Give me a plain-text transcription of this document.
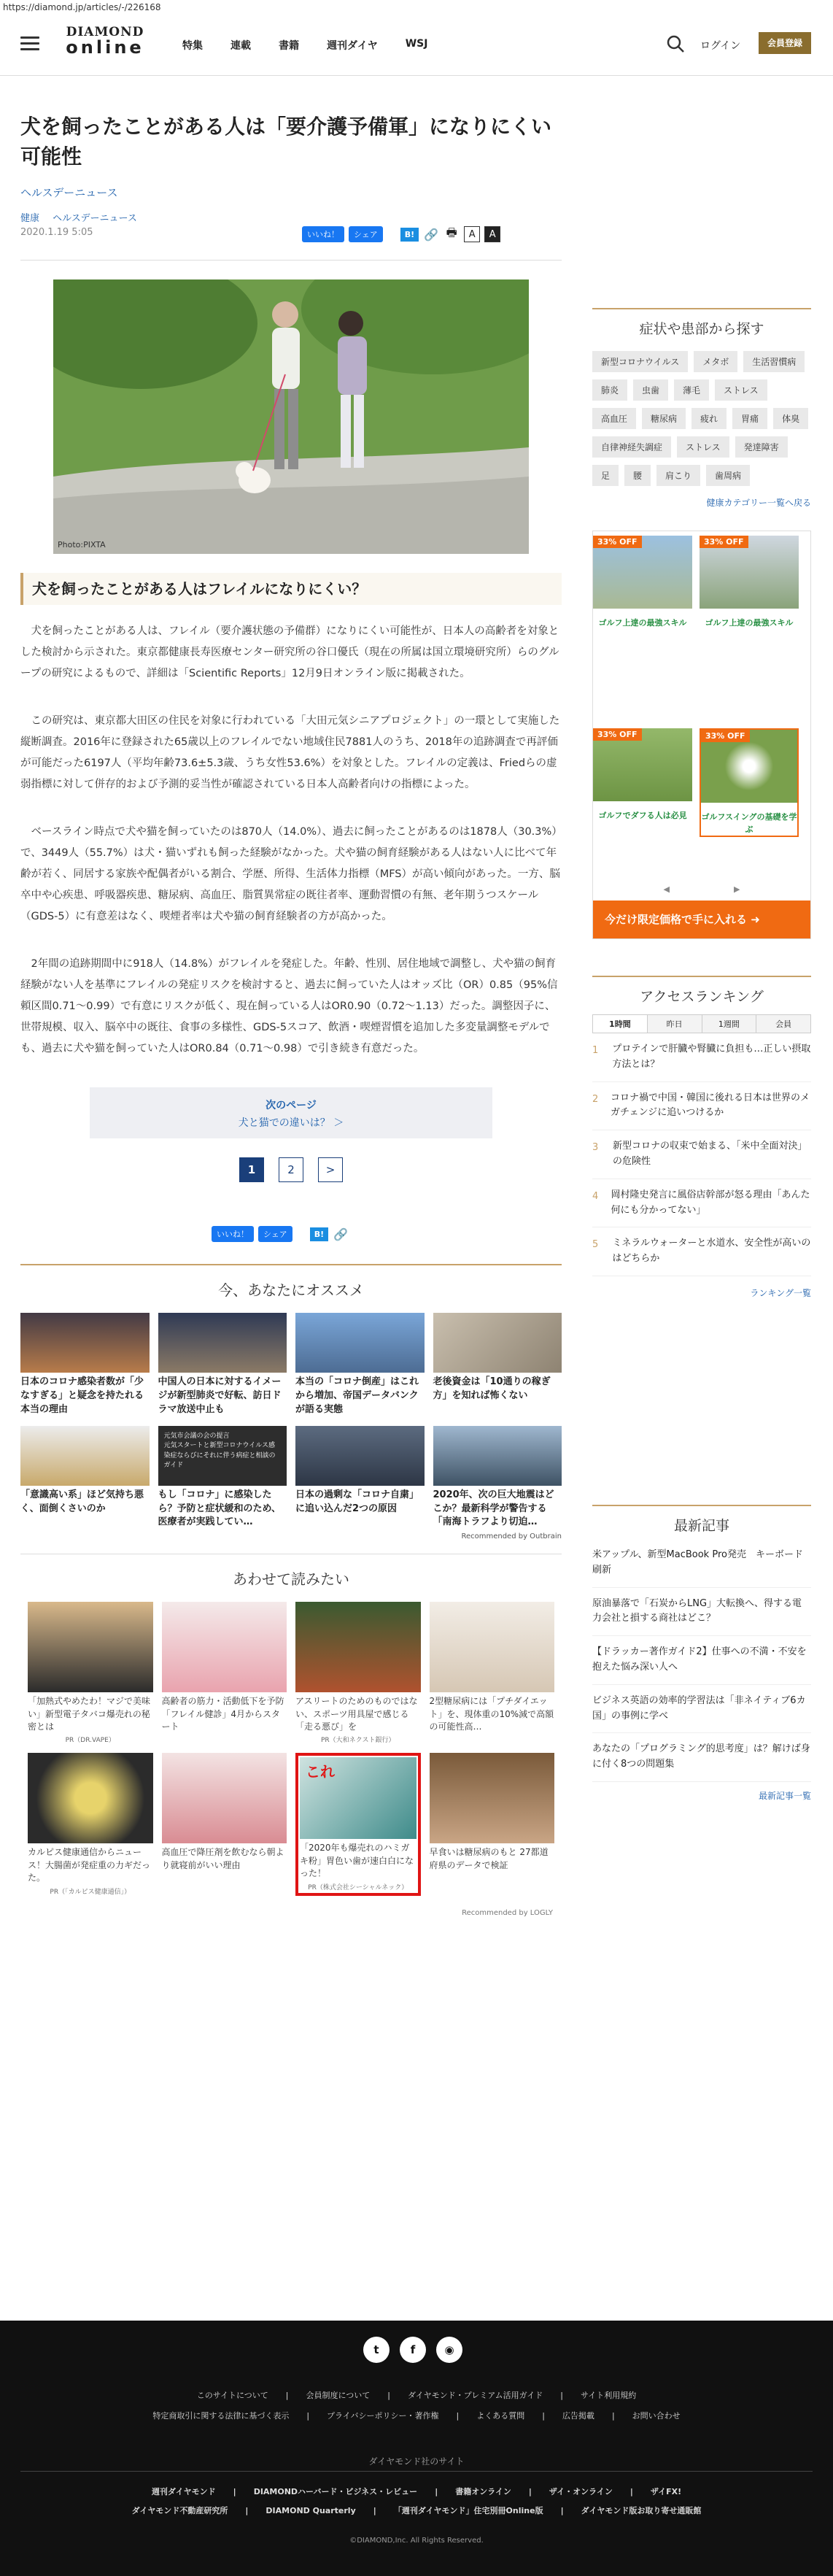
https://diamond.jp/articles/-/226168
DIAMOND
online	特集	連載	書籍	週刊ダイヤ	WSJ	ログイン	会員登録
犬を飼ったことがある人は「要介護予備軍」になりにくい可能性
ヘルスデーニュース
健康 ヘルスデーニュース
2020.1.19 5:05	いいね！	シェア	B! 🔗 🖶	A	A
Photo:PIXTA
犬を飼ったことがある人はフレイルになりにくい？

犬を飼ったことがある人は、フレイル（要介護状態の予備群）になりにくい可能性が、日本人の高齢者を対象とした検討から示された。東京都健康長寿医療センター研究所の谷口優氏（現在の所属は国立環境研究所）らのグループの研究によるもので、詳細は「Scientific Reports」12月9日オンライン版に掲載された。

この研究は、東京都大田区の住民を対象に行われている「大田元気シニアプロジェクト」の一環として実施した縦断調査。2016年に登録された65歳以上のフレイルでない地域住民7881人のうち、2018年の追跡調査で再評価が可能だった6197人（平均年齢73.6±5.3歳、うち女性53.6%）を対象とした。フレイルの定義は、Friedらの虚弱指標に対して併存的および予測的妥当性が確認されている日本人高齢者向けの指標によった。

ベースライン時点で犬や猫を飼っていたのは870人（14.0%）、過去に飼ったことがあるのは1878人（30.3%）で、3449人（55.7%）は犬・猫いずれも飼った経験がなかった。犬や猫の飼育経験がある人はない人に比べて年齢が若く、同居する家族や配偶者がいる割合、学歴、所得、生活体力指標（MFS）が高い傾向があった。一方、脳卒中や心疾患、呼吸器疾患、糖尿病、高血圧、脂質異常症の既往者率、運動習慣の有無、老年期うつスケール（GDS-5）に有意差はなく、喫煙者率は犬や猫の飼育経験者の方が高かった。

2年間の追跡期間中に918人（14.8%）がフレイルを発症した。年齢、性別、居住地域で調整し、犬や猫の飼育経験がない人を基準にフレイルの発症リスクを検討すると、過去に飼っていた人はオッズ比（OR）0.85（95%信頼区間0.71〜0.99）で有意にリスクが低く、現在飼っている人はOR0.90（0.72〜1.13）だった。調整因子に、世帯規模、収入、脳卒中の既往、食事の多様性、GDS-5スコア、飲酒・喫煙習慣を追加した多変量調整モデルでも、過去に犬や猫を飼っていた人はOR0.84（0.71〜0.98）で引き続き有意だった。

次のページ
犬と猫での違いは？ ＞
1	2	>
いいね！	シェア	B! 🔗
今、あなたにオススメ
日本のコロナ感染者数が「少なすぎる」と疑念を持たれる本当の理由
中国人の日本に対するイメージが新型肺炎で好転、訪日ドラマ放送中止も
本当の「コロナ倒産」はこれから増加、帝国データバンクが語る実態
老後資金は「10通りの稼ぎ方」を知れば怖くない
「意識高い系」ほど気持ち悪く、面倒くさいのか
元気市会議の会の提言
元気スタートと新型コロナウイルス感染症ならびにそれに伴う病症と相談のガイド
もし「コロナ」に感染したら？予防と症状緩和のため、医療者が実践してい…
日本の過剰な「コロナ自粛」に追い込んだ2つの原因
2020年、次の巨大地震はどこか？最新科学が警告する「南海トラフより切迫…
Recommended by Outbrain
あわせて読みたい
「加熱式やめたわ！マジで美味い」新型電子タバコ爆売れの秘密とは
PR（DR.VAPE）
高齢者の筋力・活動低下を予防「フレイル健診」4月からスタート
アスリートのためのものではない、スポーツ用具屋で感じる「走る悪び」を
PR（大和ネクスト銀行）
2型糖尿病には「プチダイエット」を、現体重の10%減で高額の可能性高…
カルピス健康通信からニュース！大腸菌が発症重の力ギだった。
PR（「カルピス健康通信」）
高血圧で降圧剤を飲むなら朝より就寝前がいい理由
これ
「2020年も爆売れのハミガキ粉」胃色い歯が速白白になった！
PR（株式会社シーシャルネック）
早食いは糖尿病のもと 27都道府県のデータで検証
Recommended by LOGLY
症状や患部から探す
新型コロナウイルス	メタボ	生活習慣病
肺炎	虫歯	薄毛	ストレス
高血圧	糖尿病	疲れ	胃痛	体臭
自律神経失調症	ストレス	発達障害
足	腰	肩こり	歯周病
健康カテゴリー一覧へ戻る
33% OFF
ゴルフ上達の最強スキル
33% OFF
ゴルフ上達の最強スキル
33% OFF
ゴルフでダフる人は必見
33% OFF
ゴルフスイングの基礎を学ぶ
◀　　　　　　　　▶
今だけ限定価格で手に入れる ➜
アクセスランキング
1時間	昨日	1週間	会員
1 プロテインで肝臓や腎臓に負担も…正しい摂取方法とは？
2 コロナ禍で中国・韓国に後れる日本は世界のメガチェンジに追いつけるか
3 新型コロナの収束で始まる、「米中全面対決」の危険性
4 岡村隆史発言に風俗店幹部が怒る理由「あんた何にも分かってない」
5 ミネラルウォーターと水道水、安全性が高いのはどちらか
ランキング一覧
最新記事
米アップル、新型MacBook Pro発売　キーボード刷新
原油暴落で「石炭からLNG」大転換へ、得する電力会社と損する商社はどこ？
【ドラッカー著作ガイド2】仕事への不満・不安を抱えた悩み深い人へ
ビジネス英語の効率的学習法は「非ネイティブ6カ国」の事例に学べ
あなたの「プログラミング的思考度」は？解けば身に付く8つの問題集
最新記事一覧
t	f	◉
このサイトについて | 会員制度について | ダイヤモンド・プレミアム活用ガイド | サイト利用規約
特定商取引に関する法律に基づく表示 | プライバシーポリシー・著作権 | よくある質問 | 広告掲載 | お問い合わせ
ダイヤモンド社のサイト
週刊ダイヤモンド | DIAMONDハーバード・ビジネス・レビュー | 書籍オンライン | ザイ・オンライン | ザイFX!
ダイヤモンド不動産研究所 | DIAMOND Quarterly | 「週刊ダイヤモンド」住宅別冊Online版 | ダイヤモンド版お取り寄せ通販館
©DIAMOND,Inc. All Rights Reserved.
